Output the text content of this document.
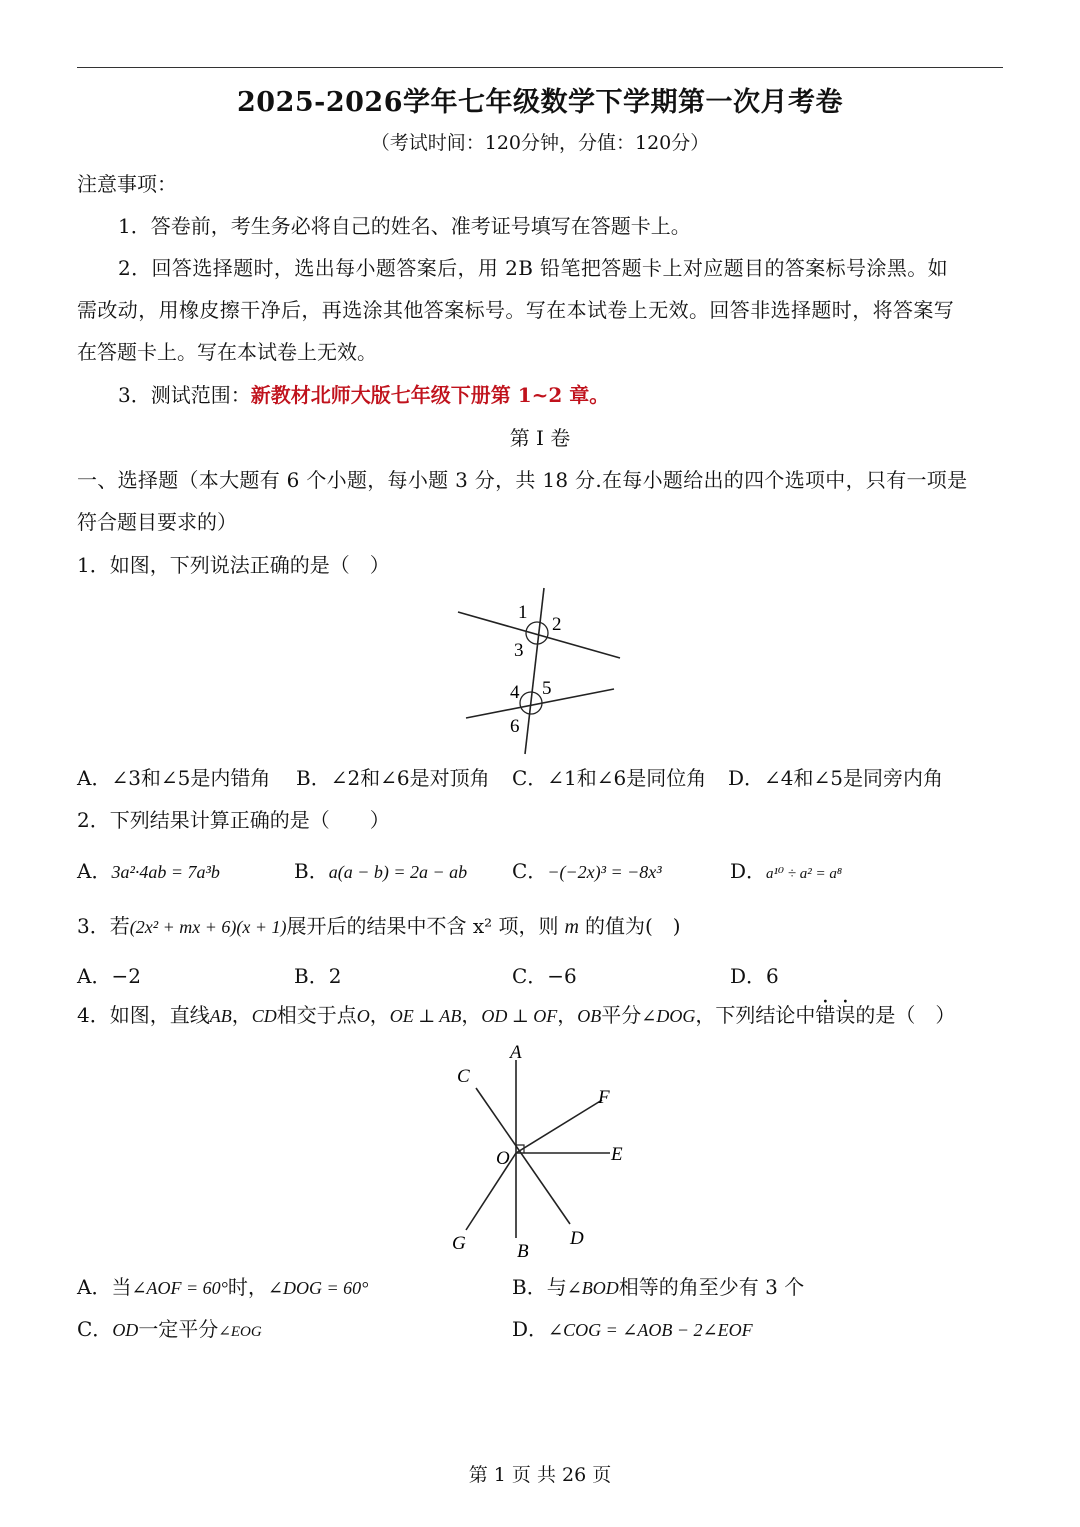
2025-2026学年七年级数学下学期第一次月考卷
（考试时间：120分钟，分值：120分）
注意事项：
1．答卷前，考生务必将自己的姓名、准考证号填写在答题卡上。
2．回答选择题时，选出每小题答案后，用 2B 铅笔把答题卡上对应题目的答案标号涂黑。如
需改动，用橡皮擦干净后，再选涂其他答案标号。写在本试卷上无效。回答非选择题时，将答案写
在答题卡上。写在本试卷上无效。
3．测试范围：新教材北师大版七年级下册第 1~2 章。
第 I 卷
一、选择题（本大题有 6 个小题，每小题 3 分，共 18 分.在每小题给出的四个选项中，只有一项是
符合题目要求的）
1．如图，下列说法正确的是（　）
1
2
3
4 5
6
A．∠3和∠5是内错角 B．∠2和∠6是对顶角 C．∠1和∠6是同位角 D．∠4和∠5是同旁内角
2．下列结果计算正确的是（　　）
A．3a²·4ab = 7a³b	B．a(a − b) = 2a − ab C．−(−2x)³ = −8x³	D．a¹⁰ ÷ a² = a⁸
3．若(2x² + mx + 6)(x + 1)展开后的结果中不含 x² 项，则 m 的值为(　)
A．−2	B．2	C．−6	D．6
4．如图，直线AB，CD相交于点O，OE ⊥ AB，OD ⊥ OF，OB平分∠DOG，下列结论中错误的是（　）
A
C
F
O	E
G	B
D
A．当∠AOF = 60°时，∠DOG = 60°	B．与∠BOD相等的角至少有 3 个
C．OD一定平分∠EOG	D．∠COG = ∠AOB − 2∠EOF
第 1 页 共 26 页
